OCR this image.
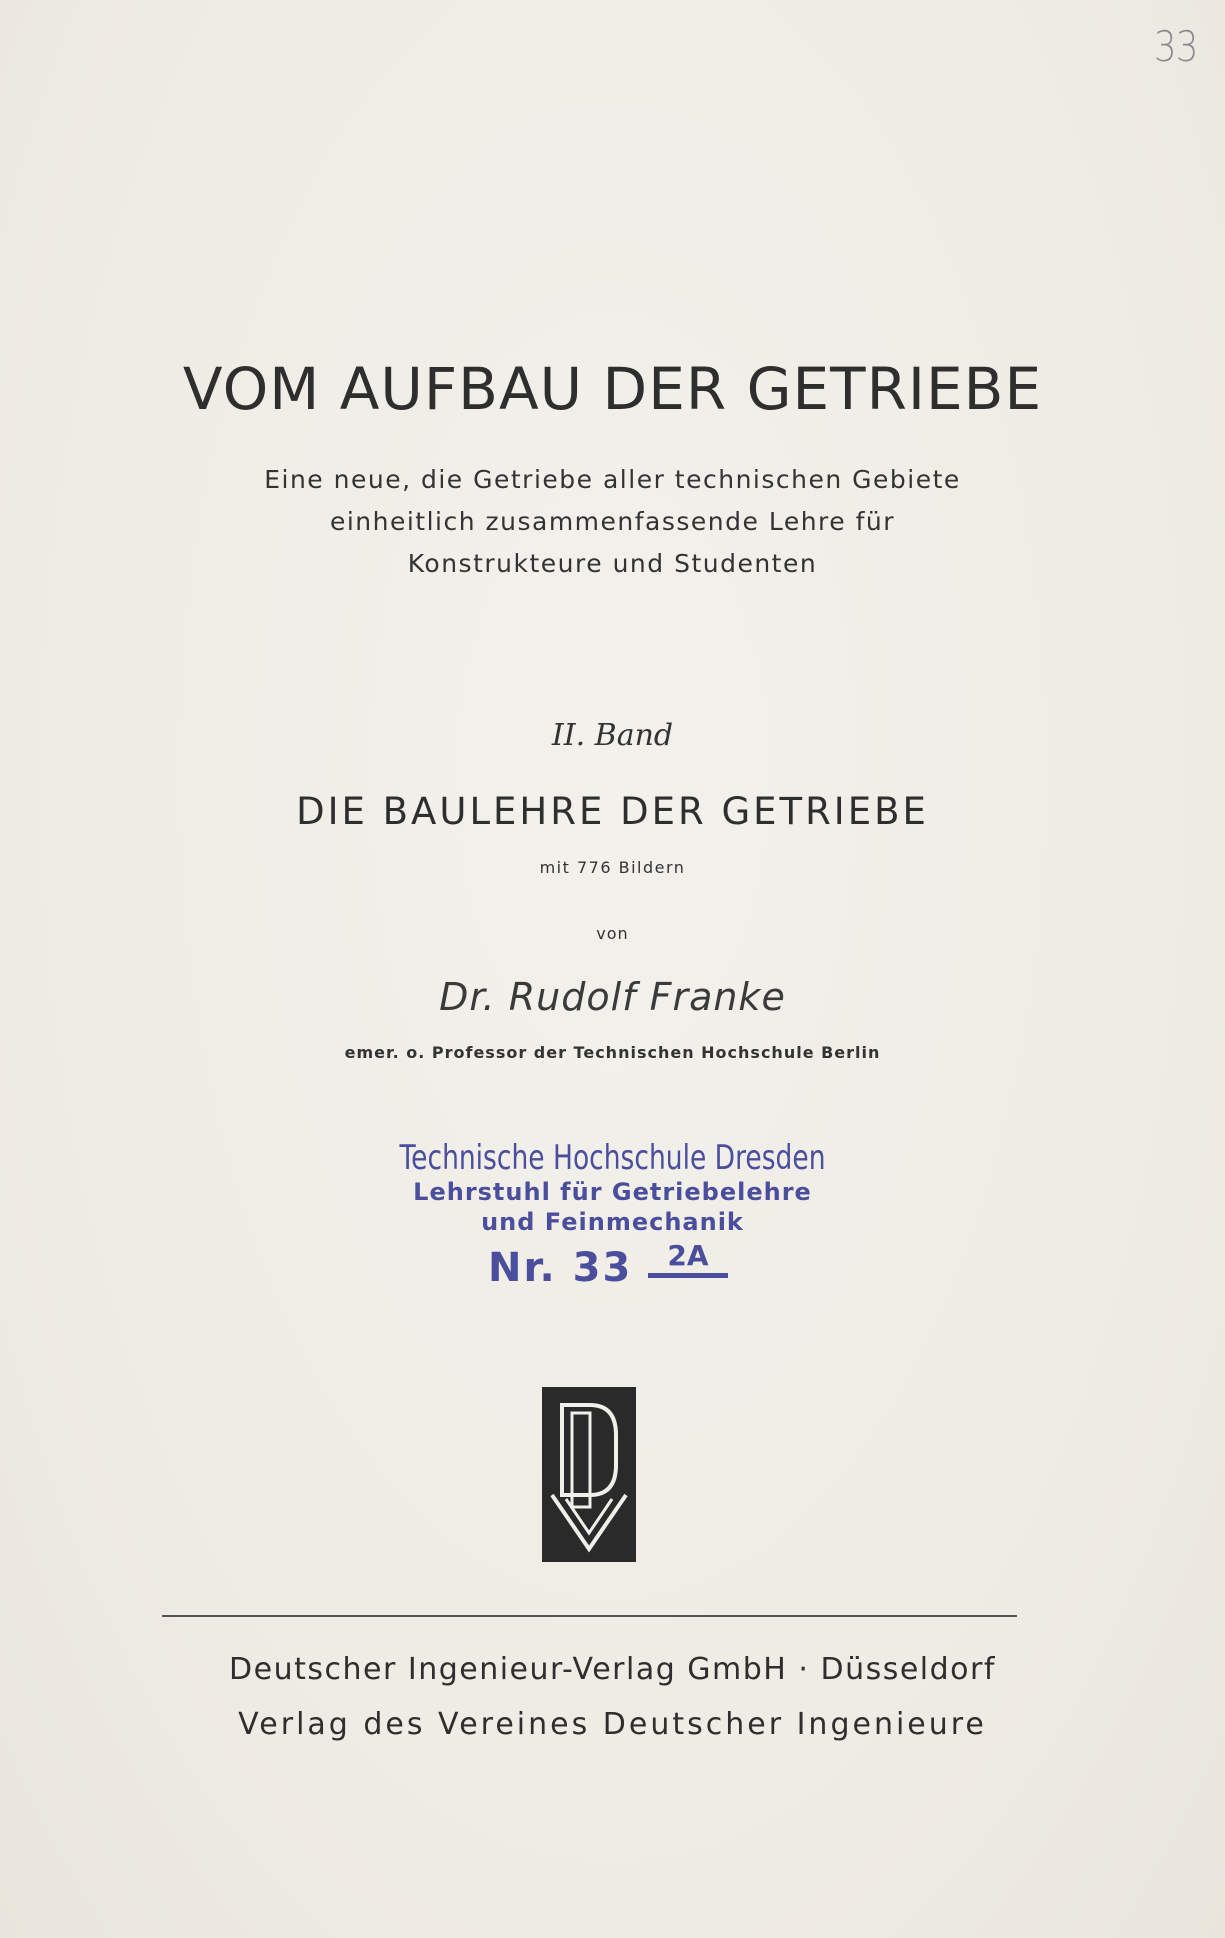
33
VOM AUFBAU DER GETRIEBE
Eine neue, die Getriebe aller technischen Gebiete
einheitlich zusammenfassende Lehre für
Konstrukteure und Studenten
II. Band
DIE BAULEHRE DER GETRIEBE
mit 776 Bildern
von
Dr. Rudolf Franke
emer. o. Professor der Technischen Hochschule Berlin
Technische Hochschule Dresden
Lehrstuhl für Getriebelehre
und Feinmechanik
Nr. 33	2A
Deutscher Ingenieur-Verlag GmbH · Düsseldorf
Verlag des Vereines Deutscher Ingenieure
